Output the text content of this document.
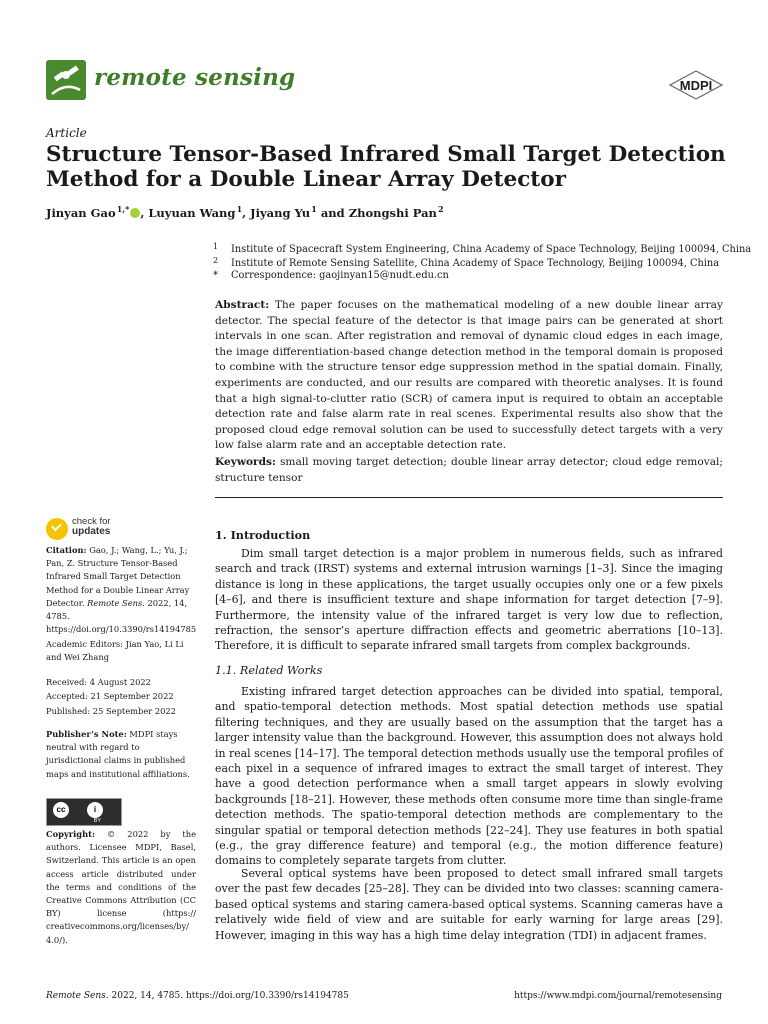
remote sensing	MDPI
Article
Structure Tensor-Based Infrared Small Target Detection Method for a Double Linear Array Detector
Jinyan Gao $^{1,*}$ , Luyuan Wang $^1$, Jiyang Yu $^1$ and Zhongshi Pan $^2$
1 Institute of Spacecraft System Engineering, China Academy of Space Technology, Beijing 100094, China
2 Institute of Remote Sensing Satellite, China Academy of Space Technology, Beijing 100094, China
* Correspondence: gaojinyan15@nudt.edu.cn
Abstract: The paper focuses on the mathematical modeling of a new double linear array detector. The special feature of the detector is that image pairs can be generated at short intervals in one scan. After registration and removal of dynamic cloud edges in each image, the image differentiation-based change detection method in the temporal domain is proposed to combine with the structure tensor edge suppression method in the spatial domain. Finally, experiments are conducted, and our results are compared with theoretic analyses. It is found that a high signal-to-clutter ratio (SCR) of camera input is required to obtain an acceptable detection rate and false alarm rate in real scenes. Experimental results also show that the proposed cloud edge removal solution can be used to successfully detect targets with a very low false alarm rate and an acceptable detection rate.
Keywords: small moving target detection; double linear array detector; cloud edge removal; structure tensor
check for
updates
Citation: Gao, J.; Wang, L.; Yu, J.; Pan, Z. Structure Tensor-Based Infrared Small Target Detection Method for a Double Linear Array Detector. Remote Sens. 2022, 14, 4785. https://doi.org/10.3390/rs14194785
Academic Editors: Jian Yao, Li Li and Wei Zhang
Received: 4 August 2022
Accepted: 21 September 2022
Published: 25 September 2022
Publisher’s Note: MDPI stays neutral with regard to jurisdictional claims in published maps and institutional affiliations.
cc	i
BY
Copyright: © 2022 by the authors. Licensee MDPI, Basel, Switzerland. This article is an open access article distributed under the terms and conditions of the Creative Commons Attribution (CC BY) license (https:// creativecommons.org/licenses/by/ 4.0/).
1. Introduction
Dim small target detection is a major problem in numerous fields, such as infrared search and track (IRST) systems and external intrusion warnings [1–3]. Since the imaging distance is long in these applications, the target usually occupies only one or a few pixels [4–6], and there is insufficient texture and shape information for target detection [7–9]. Furthermore, the intensity value of the infrared target is very low due to reflection, refraction, the sensor’s aperture diffraction effects and geometric aberrations [10–13]. Therefore, it is difficult to separate infrared small targets from complex backgrounds.
1.1. Related Works
Existing infrared target detection approaches can be divided into spatial, temporal, and spatio-temporal detection methods. Most spatial detection methods use spatial filtering techniques, and they are usually based on the assumption that the target has a larger intensity value than the background. However, this assumption does not always hold in real scenes [14–17]. The temporal detection methods usually use the temporal profiles of each pixel in a sequence of infrared images to extract the small target of interest. They have a good detection performance when a small target appears in slowly evolving backgrounds [18–21]. However, these methods often consume more time than single-frame detection methods. The spatio-temporal detection methods are complementary to the singular spatial or temporal detection methods [22–24]. They use features in both spatial (e.g., the gray difference feature) and temporal (e.g., the motion difference feature) domains to completely separate targets from clutter.
Several optical systems have been proposed to detect small infrared small targets over the past few decades [25–28]. They can be divided into two classes: scanning camera-based optical systems and staring camera-based optical systems. Scanning cameras have a relatively wide field of view and are suitable for early warning for large areas [29]. However, imaging in this way has a high time delay integration (TDI) in adjacent frames.
Remote Sens. 2022, 14, 4785. https://doi.org/10.3390/rs14194785	https://www.mdpi.com/journal/remotesensing
